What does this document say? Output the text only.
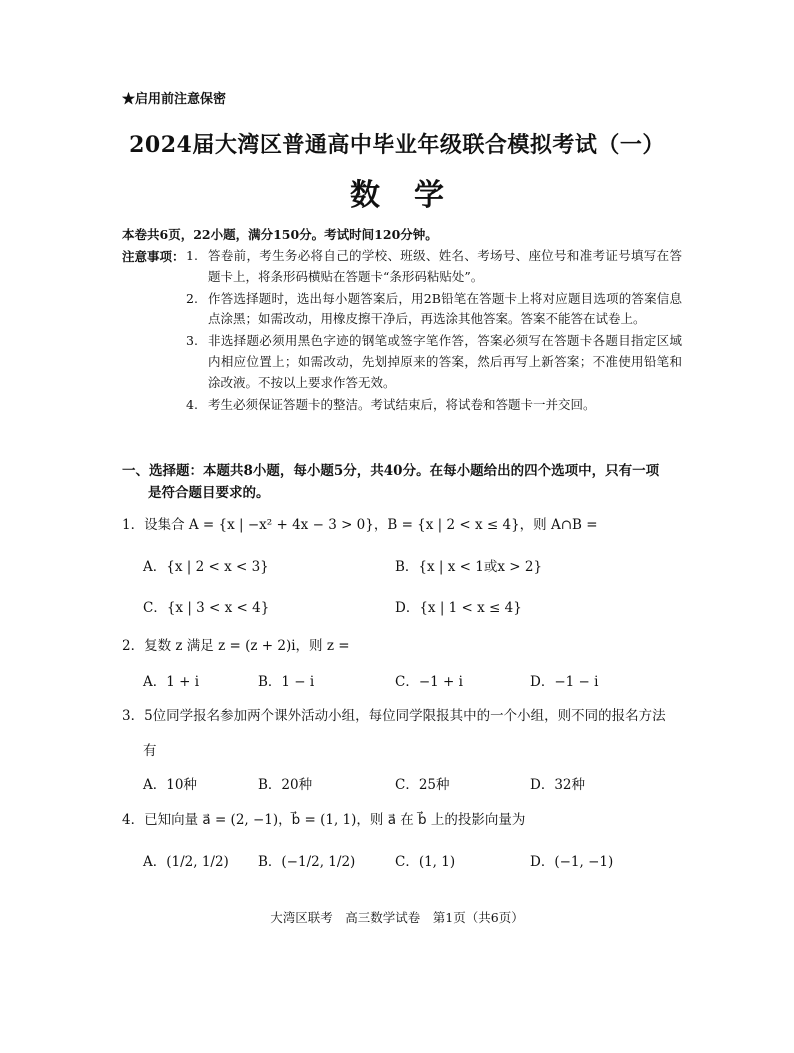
★启用前注意保密
2024届大湾区普通高中毕业年级联合模拟考试（一）
数学
本卷共6页，22小题，满分150分。考试时间120分钟。
注意事项： 1. 答卷前，考生务必将自己的学校、班级、姓名、考场号、座位号和准考证号填写在答题卡上，将条形码横贴在答题卡“条形码粘贴处”。
2. 作答选择题时，选出每小题答案后，用2B铅笔在答题卡上将对应题目选项的答案信息点涂黑；如需改动，用橡皮擦干净后，再选涂其他答案。答案不能答在试卷上。
3. 非选择题必须用黑色字迹的钢笔或签字笔作答，答案必须写在答题卡各题目指定区域内相应位置上；如需改动，先划掉原来的答案，然后再写上新答案；不准使用铅笔和涂改液。不按以上要求作答无效。
4. 考生必须保证答题卡的整洁。考试结束后，将试卷和答题卡一并交回。
一、选择题：本题共8小题，每小题5分，共40分。在每小题给出的四个选项中，只有一项
是符合题目要求的。
1．设集合 A = {x | −x² + 4x − 3 > 0}，B = {x | 2 < x ≤ 4}，则 A∩B =
A．{x | 2 < x < 3}	B．{x | x < 1或x > 2}
C．{x | 3 < x < 4}	D．{x | 1 < x ≤ 4}
2．复数 z 满足 z = (z + 2)i，则 z =
A．1 + i	B．1 − i	C．−1 + i	D．−1 − i
3．5位同学报名参加两个课外活动小组，每位同学限报其中的一个小组，则不同的报名方法
有
A．10种	B．20种	C．25种	D．32种
4．已知向量 a⃗ = (2, −1)，b⃗ = (1, 1)，则 a⃗ 在 b⃗ 上的投影向量为
A．(1/2, 1/2) B．(−1/2, 1/2)	C．(1, 1)	D．(−1, −1)
大湾区联考　高三数学试卷　第1页（共6页）
